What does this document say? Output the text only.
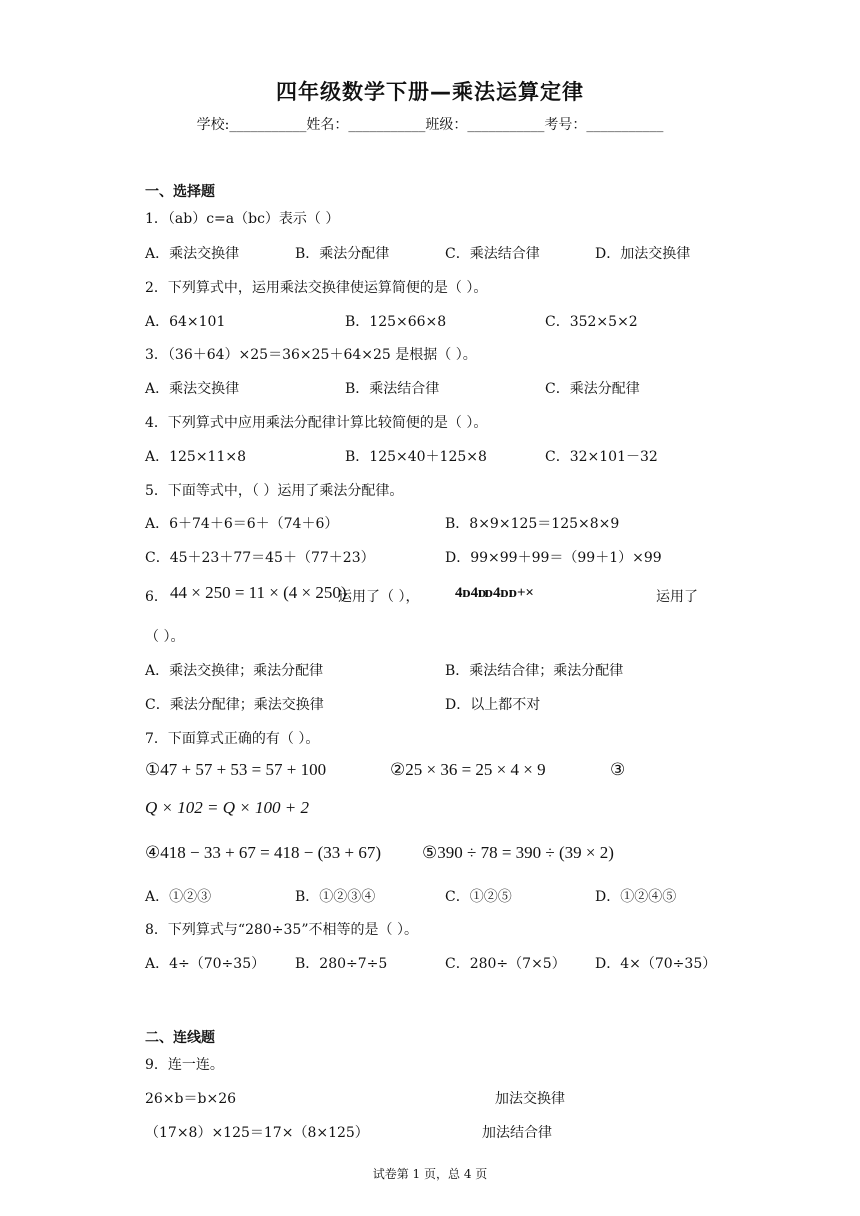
四年级数学下册—乘法运算定律
学校:___________姓名：___________班级：___________考号：___________
一、选择题
1．（ab）c=a（bc）表示（ ）
A．乘法交换律	B．乘法分配律	C．乘法结合律	D．加法交换律
2．下列算式中，运用乘法交换律使运算简便的是（ ）。
A．64×101	B．125×66×8	C．352×5×2
3．（36＋64）×25＝36×25＋64×25 是根据（ ）。
A．乘法交换律	B．乘法结合律	C．乘法分配律
4．下列算式中应用乘法分配律计算比较简便的是（ ）。
A．125×11×8	B．125×40＋125×8	C．32×101－32
5．下面等式中，（ ）运用了乘法分配律。
A．6＋74＋6＝6＋（74＋6）	B．8×9×125＝125×8×9
C．45＋23＋77＝45＋（77＋23）	D．99×99＋99＝（99＋1）×99
6． 44 × 250 = 11 × (4 × 250)
运用了（ ）， 4 ᴅ 4 ᴅᴅ 4 ᴅ ᴅ + ×	运用了
（ ）。
A．乘法交换律；乘法分配律	B．乘法结合律；乘法分配律
C．乘法分配律；乘法交换律	D．以上都不对
7．下面算式正确的有（ ）。
①47 + 57 + 53 = 57 + 100	②25 × 36 = 25 × 4 × 9	③
Q × 102 = Q × 100 + 2
④418 − 33 + 67 = 418 − (33 + 67) ⑤390 ÷ 78 = 390 ÷ (39 × 2)
A．①②③	B．①②③④	C．①②⑤	D．①②④⑤
8．下列算式与“280÷35”不相等的是（ ）。
A．4÷（70÷35） B．280÷7÷5	C．280÷（7×5） D．4×（70÷35）
二、连线题
9．连一连。
26×b＝b×26	加法交换律
（17×8）×125＝17×（8×125）	加法结合律
试卷第 1 页，总 4 页
